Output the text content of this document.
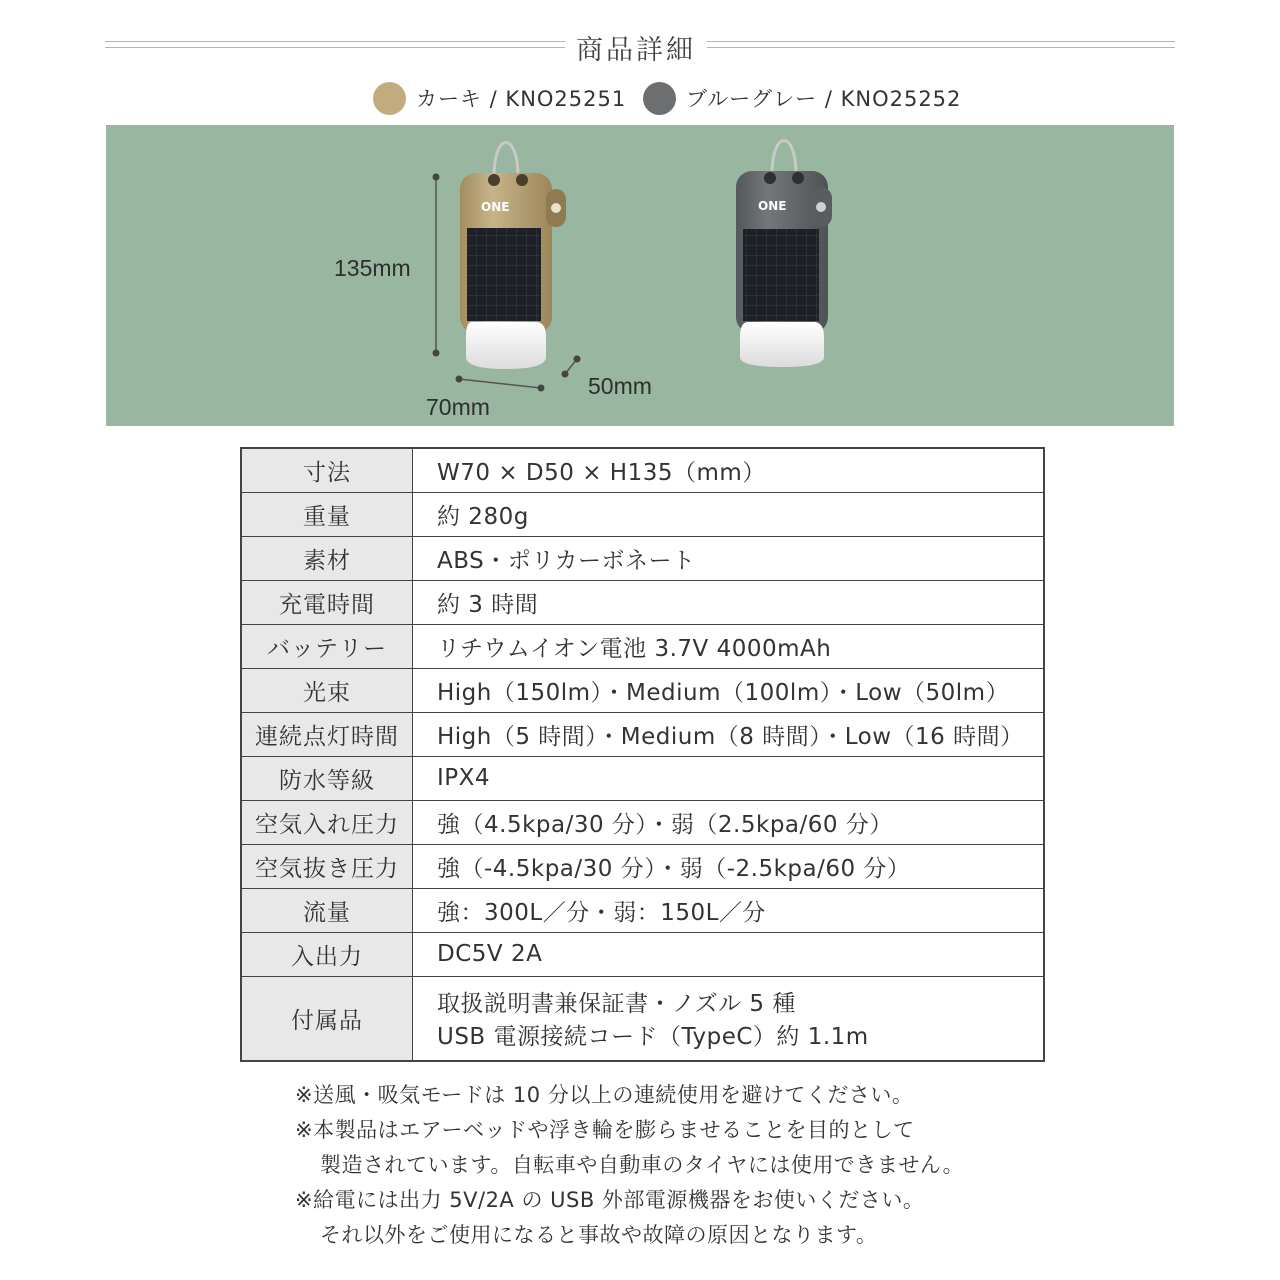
商品詳細
カーキ / KNO25251	ブルーグレー / KNO25252
ONE	ONE
135mm
70mm
50mm
寸法	W70 × D50 × H135（mm）
重量	約 280g
素材	ABS・ポリカーボネート
充電時間	約 3 時間
バッテリー	リチウムイオン電池 3.7V 4000mAh
光束	High（150lm）・Medium（100lm）・Low（50lm）
連続点灯時間	High（5 時間）・Medium（8 時間）・Low（16 時間）
防水等級	IPX4
空気入れ圧力	強（4.5kpa/30 分）・弱（2.5kpa/60 分）
空気抜き圧力	強（-4.5kpa/30 分）・弱（-2.5kpa/60 分）
流量	強：300L／分・弱：150L／分
入出力	DC5V 2A
付属品	取扱説明書兼保証書・ノズル 5 種
USB 電源接続コード（TypeC）約 1.1m
※送風・吸気モードは 10 分以上の連続使用を避けてください。
※本製品はエアーベッドや浮き輪を膨らませることを目的として
製造されています。自転車や自動車のタイヤには使用できません。
※給電には出力 5V/2A の USB 外部電源機器をお使いください。
それ以外をご使用になると事故や故障の原因となります。
